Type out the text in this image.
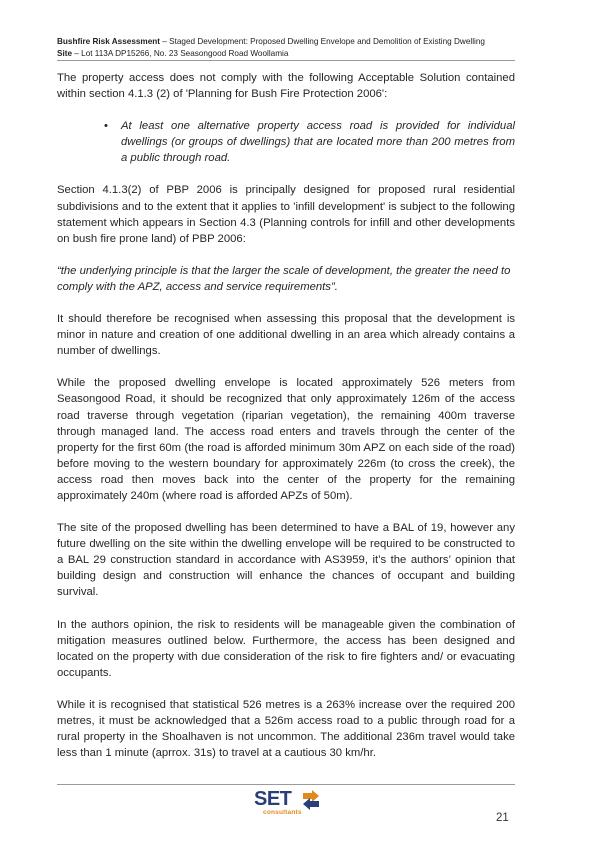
Bushfire Risk Assessment – Staged Development: Proposed Dwelling Envelope and Demolition of Existing Dwelling
Site – Lot 113A DP15266, No. 23 Seasongood Road Woollamia

The property access does not comply with the following Acceptable Solution contained within section 4.1.3 (2) of 'Planning for Bush Fire Protection 2006':

• At least one alternative property access road is provided for individual dwellings (or groups of dwellings) that are located more than 200 metres from a public through road.

Section 4.1.3(2) of PBP 2006 is principally designed for proposed rural residential subdivisions and to the extent that it applies to 'infill development' is subject to the following statement which appears in Section 4.3 (Planning controls for infill and other developments on bush fire prone land) of PBP 2006:

“the underlying principle is that the larger the scale of development, the greater the need to comply with the APZ, access and service requirements”.

It should therefore be recognised when assessing this proposal that the development is minor in nature and creation of one additional dwelling in an area which already contains a number of dwellings.

While the proposed dwelling envelope is located approximately 526 meters from Seasongood Road, it should be recognized that only approximately 126m of the access road traverse through vegetation (riparian vegetation), the remaining 400m traverse through managed land. The access road enters and travels through the center of the property for the first 60m (the road is afforded minimum 30m APZ on each side of the road) before moving to the western boundary for approximately 226m (to cross the creek), the access road then moves back into the center of the property for the remaining approximately 240m (where road is afforded APZs of 50m).

The site of the proposed dwelling has been determined to have a BAL of 19, however any future dwelling on the site within the dwelling envelope will be required to be constructed to a BAL 29 construction standard in accordance with AS3959, it’s the authors’ opinion that building design and construction will enhance the chances of occupant and building survival.

In the authors opinion, the risk to residents will be manageable given the combination of mitigation measures outlined below. Furthermore, the access has been designed and located on the property with due consideration of the risk to fire fighters and/ or evacuating occupants.

While it is recognised that statistical 526 metres is a 263% increase over the required 200 metres, it must be acknowledged that a 526m access road to a public through road for a rural property in the Shoalhaven is not uncommon. The additional 236m travel would take less than 1 minute (aprrox. 31s) to travel at a cautious 30 km/hr.

SET
consultants	21
